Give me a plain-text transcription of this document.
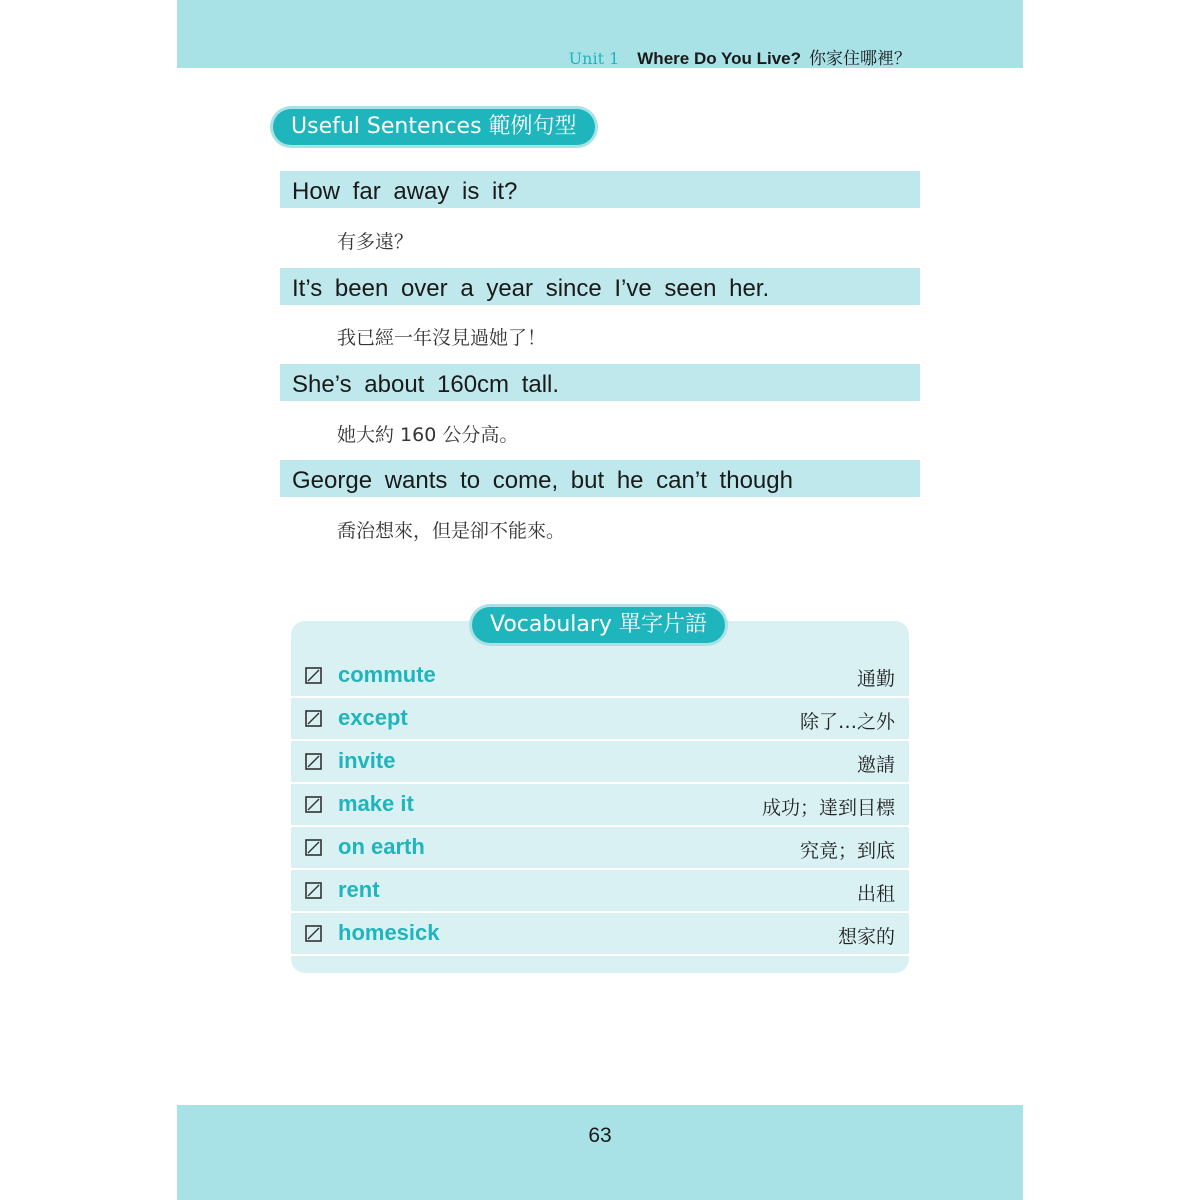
Unit 1 Where Do You Live? 你家住哪裡？
Useful Sentences 範例句型
How far away is it?
有多遠？
It’s been over a year since I’ve seen her.
我已經一年沒見過她了！
She’s about 160cm tall.
她大約 160 公分高。
George wants to come, but he can’t though
喬治想來，但是卻不能來。
Vocabulary 單字片語
commute	通勤
except	除了…之外
invite	邀請
make it	成功；達到目標
on earth	究竟；到底
rent	出租
homesick	想家的
63
